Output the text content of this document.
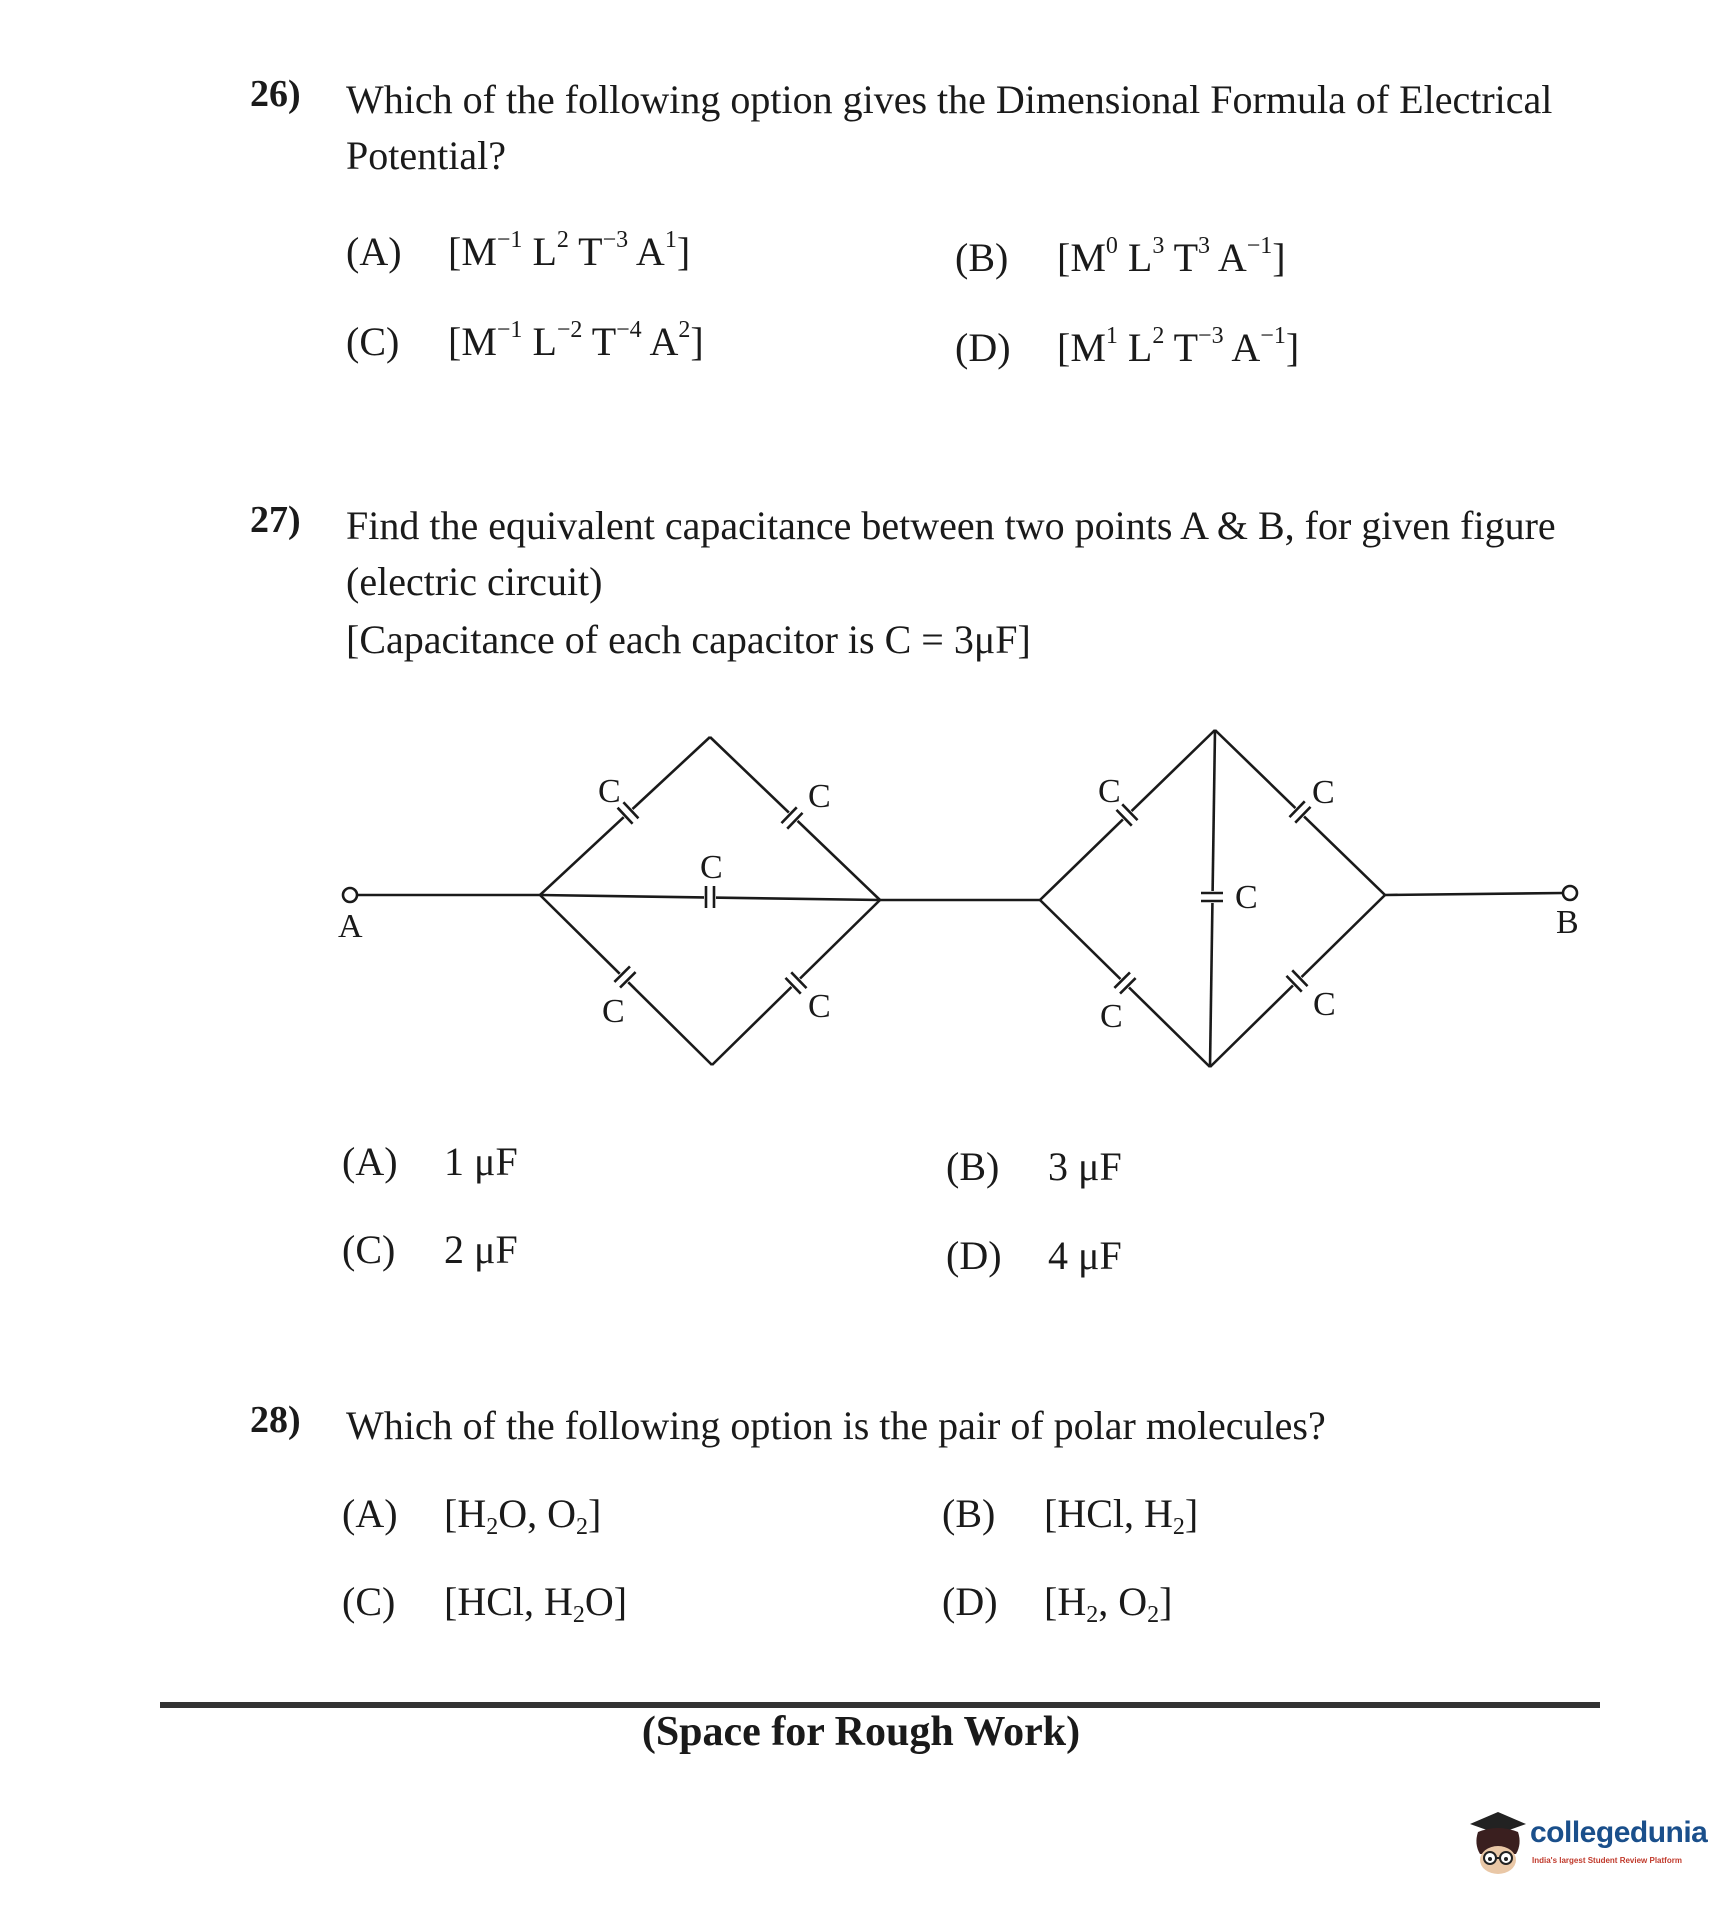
26) Which of the following option gives the Dimensional Formula of Electrical Potential?
(A) [$M^{-1}$ $L^2$ $T^{-3}$ $A^1$]	(B) [$M^0$ $L^3$ $T^3$ $A^{-1}$]
(C) [$M^{-1}$ $L^{-2}$ $T^{-4}$ $A^2$]	(D) [$M^1$ $L^2$ $T^{-3}$ $A^{-1}$]
27) Find the equivalent capacitance between two points A & B, for given figure (electric circuit)
[Capacitance of each capacitor is C = 3μF]
A	B
C	C
C	C
C
C	C
C	C
C
(A) 1 μF	(B) 3 μF
(C) 2 μF	(D) 4 μF
28) Which of the following option is the pair of polar molecules?
(A) [$H_2O$, $O_2$]	(B) [HCl, $H_2$]
(C) [HCl, $H_2O$]	(D) [$H_2$, $O_2$]
(Space for Rough Work)
collegedunia
India's largest Student Review Platform
